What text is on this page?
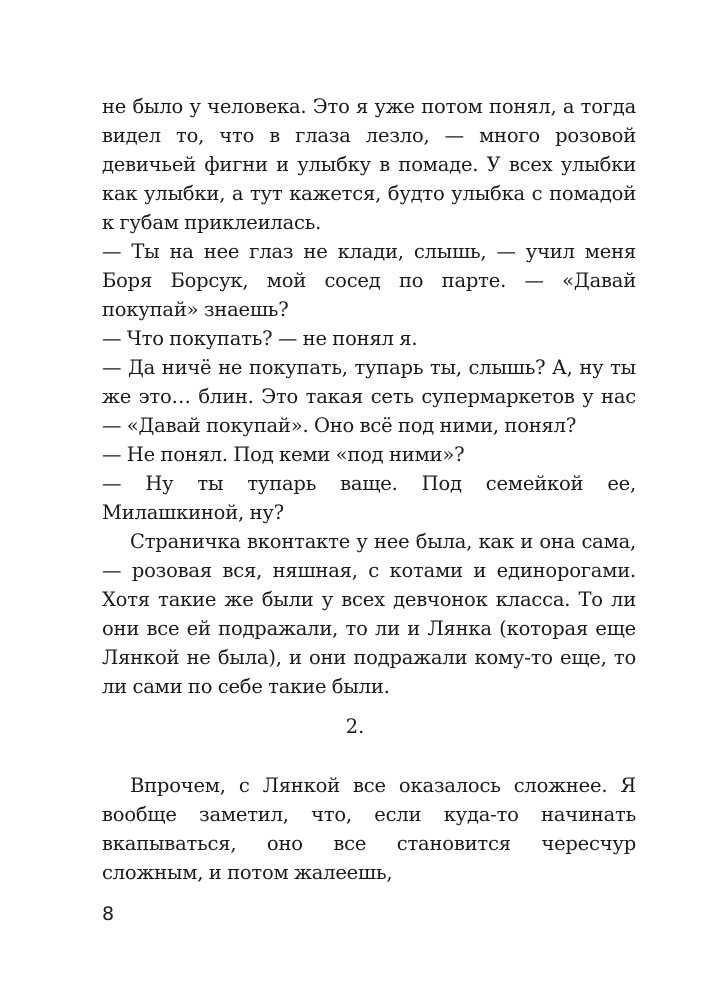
не было у человека. Это я уже потом понял, а тогда видел то, что в глаза лезло, — много розовой девичьей фигни и улыбку в помаде. У всех улыбки как улыбки, а тут кажется, будто улыбка с помадой к губам приклеилась.

— Ты на нее глаз не клади, слышь, — учил меня Боря Борсук, мой сосед по парте. — «Давай покупай» знаешь?

— Что покупать? — не понял я.

— Да ничё не покупать, тупарь ты, слышь? А, ну ты же это… блин. Это такая сеть супермаркетов у нас — «Давай покупай». Оно всё под ними, понял?

— Не понял. Под кеми «под ними»?

— Ну ты тупарь ваще. Под семейкой ее, Милашкиной, ну?

Страничка вконтакте у нее была, как и она сама, — розовая вся, няшная, с котами и единорогами. Хотя такие же были у всех девчонок класса. То ли они все ей подражали, то ли и Лянка (которая еще Лянкой не была), и они подражали кому-то еще, то ли сами по себе такие были.

2.

Впрочем, с Лянкой все оказалось сложнее. Я вообще заметил, что, если куда-то начинать вкапываться, оно все становится чересчур сложным, и потом жалеешь,

8
